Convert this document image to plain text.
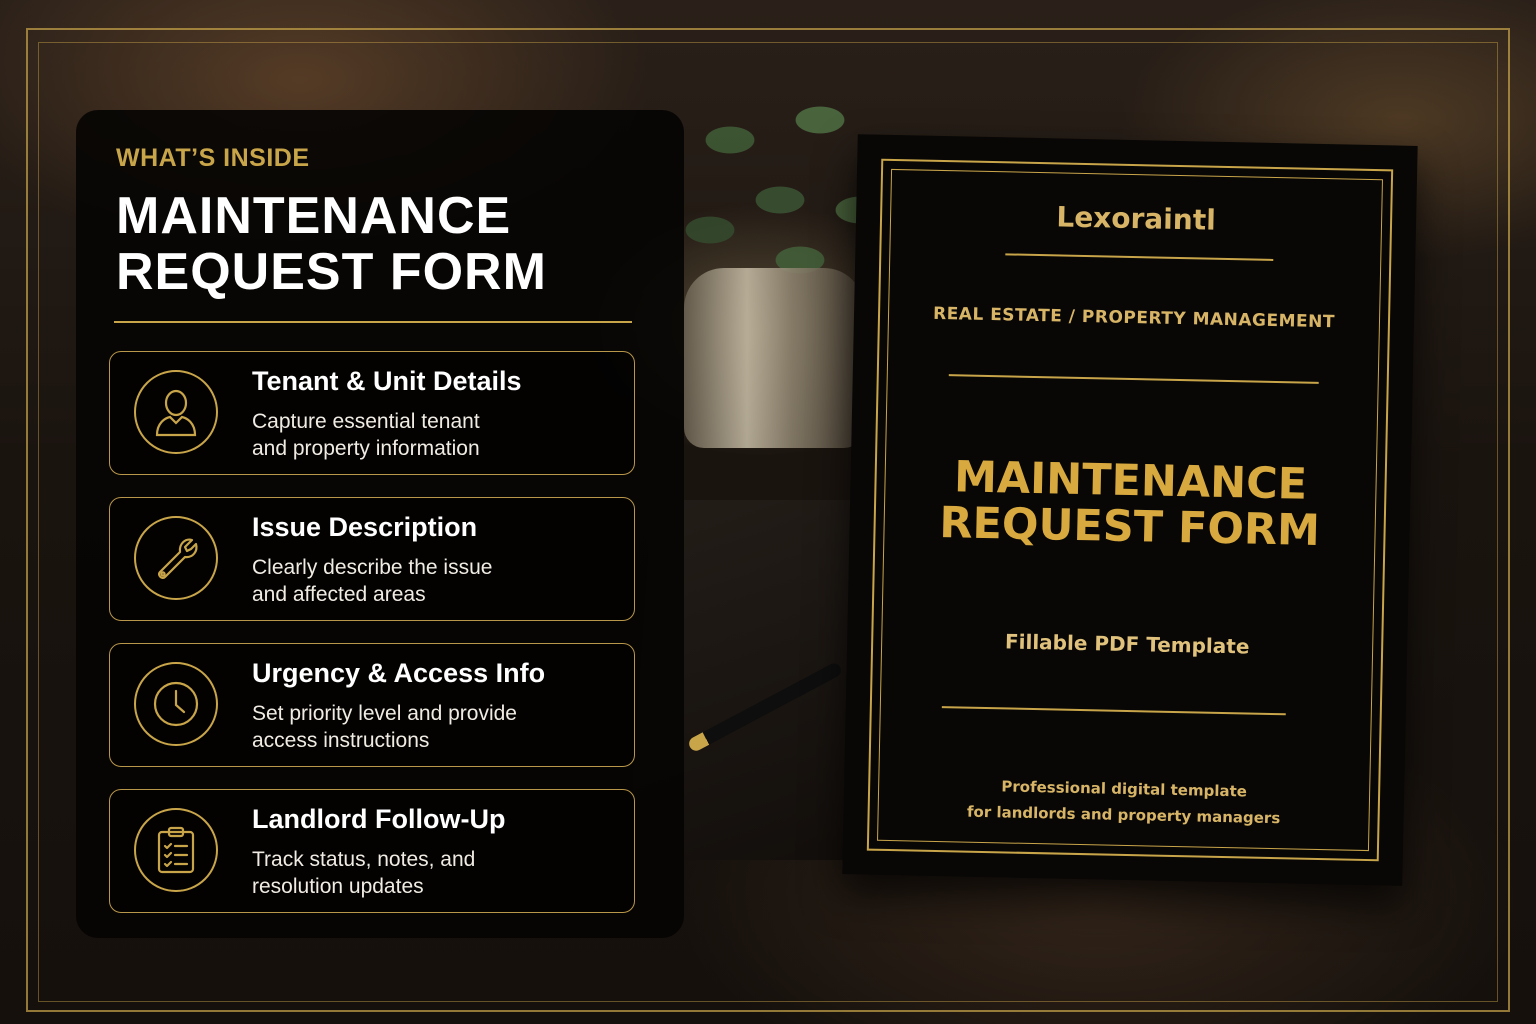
WHAT’S INSIDE
MAINTENANCE
REQUEST FORM
Tenant & Unit Details
Capture essential tenant
and property information
Issue Description
Clearly describe the issue
and affected areas
Urgency & Access Info
Set priority level and provide
access instructions
Landlord Follow-Up
Track status, notes, and
resolution updates
Lexoraintl
REAL ESTATE / PROPERTY MANAGEMENT
MAINTENANCE
REQUEST FORM
Fillable PDF Template
Professional digital template
for landlords and property managers
